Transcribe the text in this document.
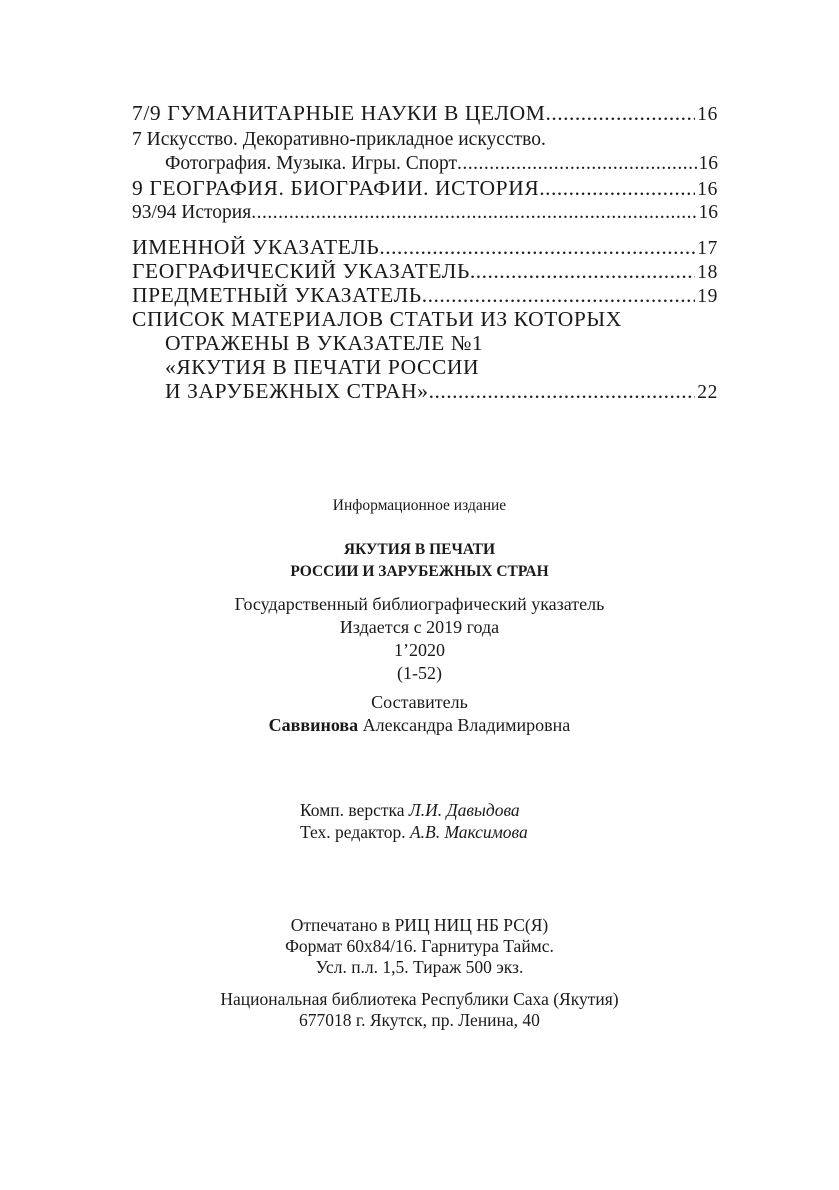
7/9 ГУМАНИТАРНЫЕ НАУКИ В ЦЕЛОМ .....	16
7 Искусство. Декоративно-прикладное искусство.
Фотография. Музыка. Игры. Спорт .....	16
9 ГЕОГРАФИЯ. БИОГРАФИИ. ИСТОРИЯ .....	16
93/94 История .....	16
ИМЕННОЙ УКАЗАТЕЛЬ .....	17
ГЕОГРАФИЧЕСКИЙ УКАЗАТЕЛЬ .....	18
ПРЕДМЕТНЫЙ УКАЗАТЕЛЬ .....	19
СПИСОК МАТЕРИАЛОВ СТАТЬИ ИЗ КОТОРЫХ
ОТРАЖЕНЫ В УКАЗАТЕЛЕ №1
«ЯКУТИЯ В ПЕЧАТИ РОССИИ
И ЗАРУБЕЖНЫХ СТРАН» .....	22
Информационное издание
ЯКУТИЯ В ПЕЧАТИ
РОССИИ И ЗАРУБЕЖНЫХ СТРАН
Государственный библиографический указатель
Издается с 2019 года
1’2020
(1-52)
Составитель
Саввинова Александра Владимировна
Комп. верстка Л.И. Давыдова
Тех. редактор. А.В. Максимова
Отпечатано в РИЦ НИЦ НБ РС(Я)
Формат 60х84/16. Гарнитура Таймс.
Усл. п.л. 1,5. Тираж 500 экз.
Национальная библиотека Республики Саха (Якутия)
677018 г. Якутск, пр. Ленина, 40
